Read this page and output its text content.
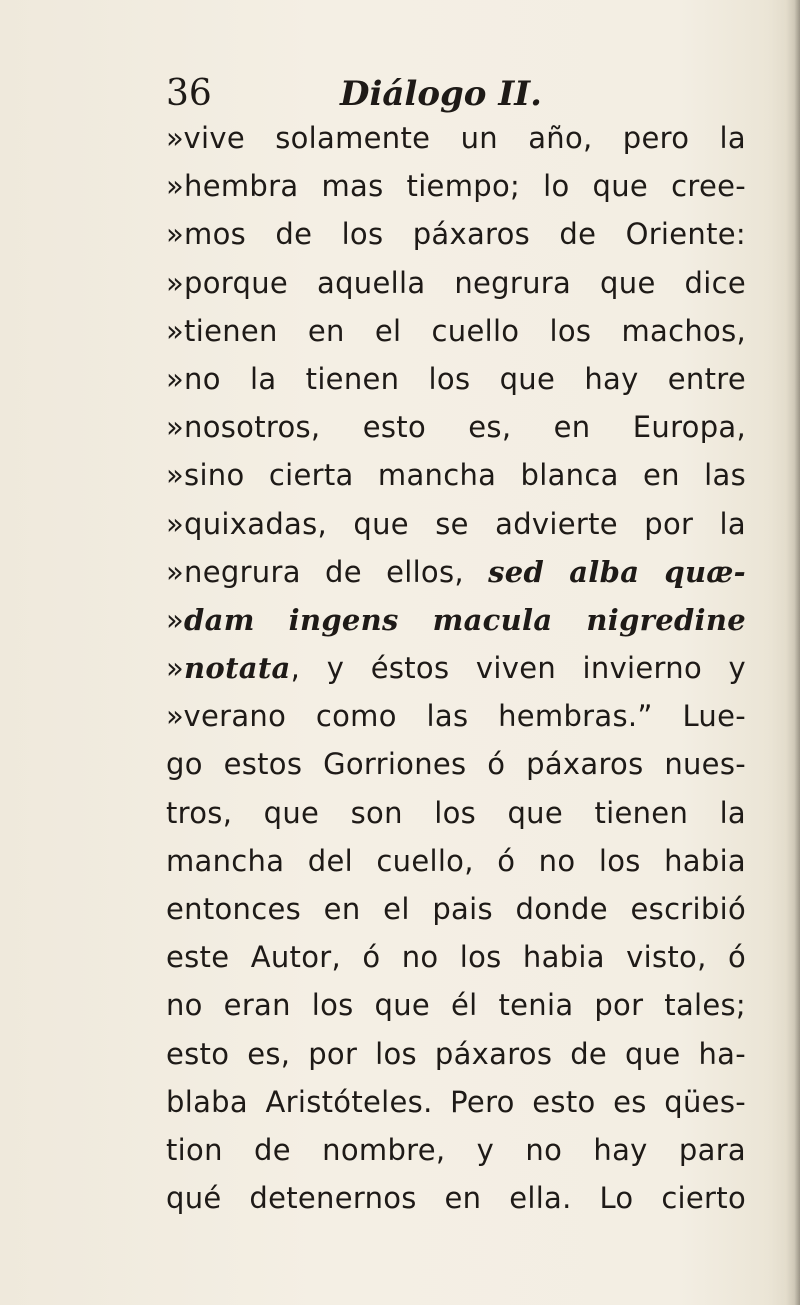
36	Diálogo II.
»vive solamente un año, pero la
»hembra mas tiempo; lo que cree-
»mos de los páxaros de Oriente:
»porque aquella negrura que dice
»tienen en el cuello los machos,
»no la tienen los que hay entre
»nosotros, esto es, en Europa,
»sino cierta mancha blanca en las
»quixadas, que se advierte por la
»negrura de ellos, sed alba quæ-
»dam ingens macula nigredine
»notata, y éstos viven invierno y
»verano como las hembras.” Lue-
go estos Gorriones ó páxaros nues-
tros, que son los que tienen la
mancha del cuello, ó no los habia
entonces en el pais donde escribió
este Autor, ó no los habia visto, ó
no eran los que él tenia por tales;
esto es, por los páxaros de que ha-
blaba Aristóteles. Pero esto es qües-
tion de nombre, y no hay para
qué detenernos en ella. Lo cierto
